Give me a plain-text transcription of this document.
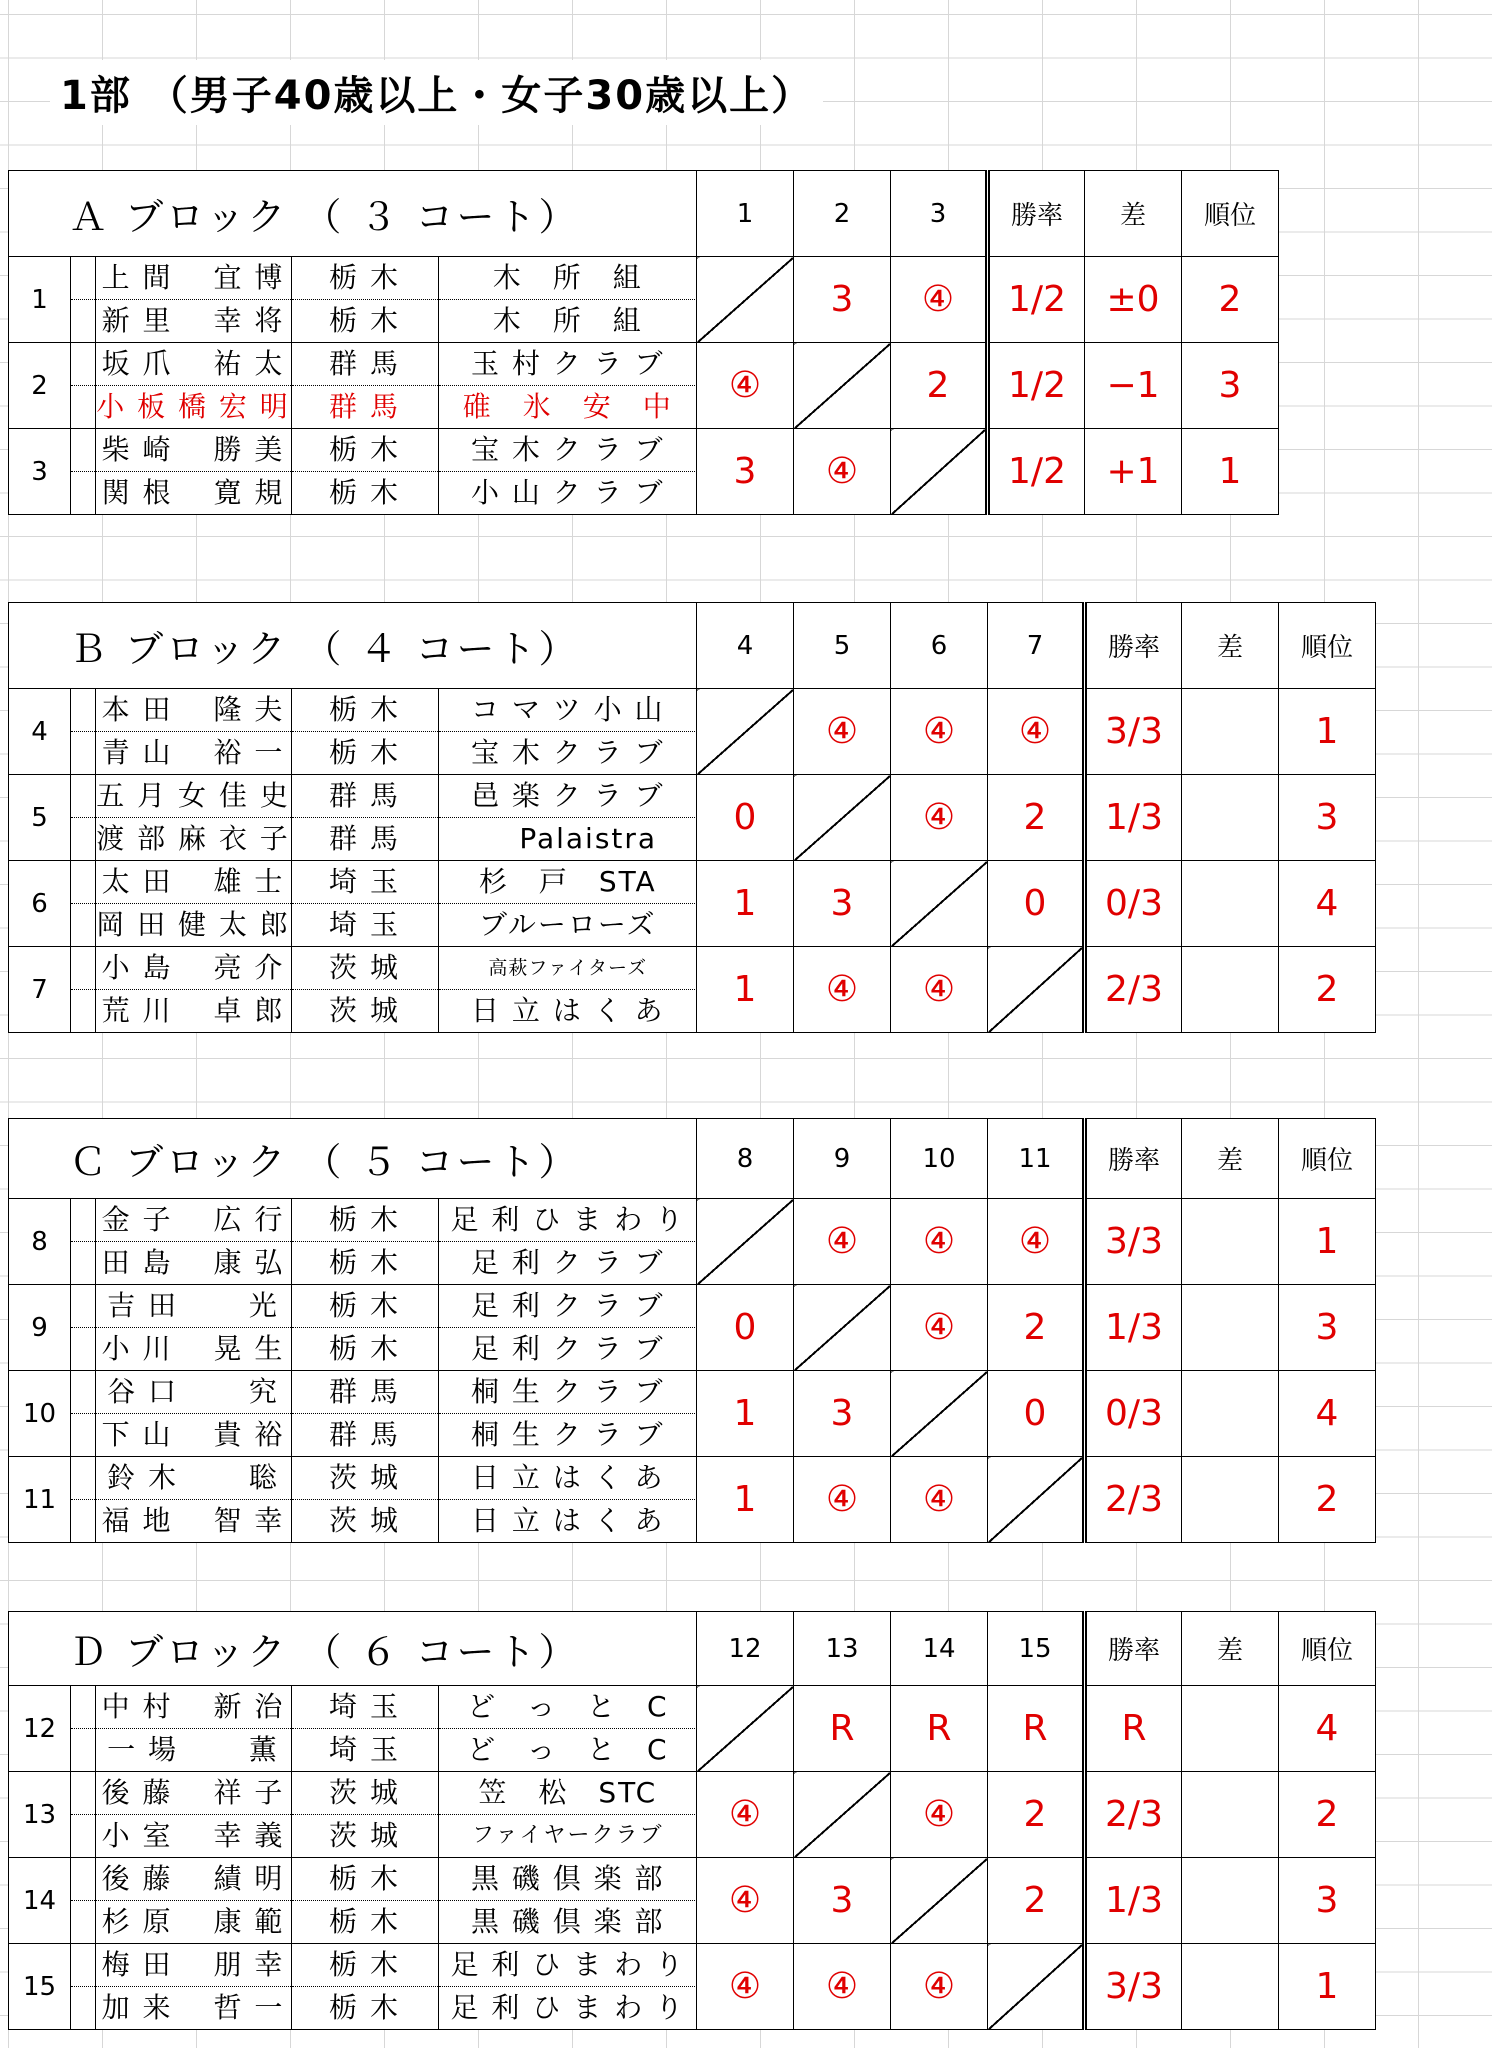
1部 （男子40歳以上・女子30歳以上）
Ａ ブロック （ ３ コート）	1	2	3	勝率	差	順位
1	
	上 間　 宜 博	栃 木	木　所　組
	新 里　 幸 将	栃 木	木　所　組
		3	④	1/2	±0	2
2	
	坂 爪　 祐 太	群 馬	玉 村 ク ラ ブ
	小 板 橋 宏 明	群 馬	碓　氷　安　中
	④		2	1/2	−1	3
3	
	柴 崎　 勝 美	栃 木	宝 木 ク ラ ブ
	関 根　 寛 規	栃 木	小 山 ク ラ ブ
	3	④		1/2	+1	1
Ｂ ブロック （ ４ コート）	4	5	6	7	勝率	差	順位
4	
	本 田　 隆 夫	栃 木	コ マ ツ 小 山
	青 山　 裕 一	栃 木	宝 木 ク ラ ブ
		④	④	④	3/3		1
5	
	五 月 女 佳 史	群 馬	邑 楽 ク ラ ブ
	渡 部 麻 衣 子	群 馬	　 Palaistra
	0		④	2	1/3		3
6	
	太 田　 雄 士	埼 玉	杉　戸　STA
	岡 田 健 太 郎	埼 玉	ブルーローズ
	1	3		0	0/3		4
7	
	小 島　 亮 介	茨 城	高萩ファイターズ
	荒 川　 卓 郎	茨 城	日 立 は く あ
	1	④	④		2/3		2
Ｃ ブロック （ ５ コート）	8	9	10	11	勝率	差	順位
8	
	金 子　 広 行	栃 木	足 利 ひ ま わ り
	田 島　 康 弘	栃 木	足 利 ク ラ ブ
		④	④	④	3/3		1
9	
	吉 田　　 光	栃 木	足 利 ク ラ ブ
	小 川　 晃 生	栃 木	足 利 ク ラ ブ
	0		④	2	1/3		3
10	
	谷 口　　 究	群 馬	桐 生 ク ラ ブ
	下 山　 貴 裕	群 馬	桐 生 ク ラ ブ
	1	3		0	0/3		4
11	
	鈴 木　　 聡	茨 城	日 立 は く あ
	福 地　 智 幸	茨 城	日 立 は く あ
	1	④	④		2/3		2
Ｄ ブロック （ ６ コート）	12	13	14	15	勝率	差	順位
12	
	中 村　 新 治	埼 玉	ど　っ　と　C
	一 場　　 薫	埼 玉	ど　っ　と　C
		R	R	R	R		4
13	
	後 藤　 祥 子	茨 城	笠　松　STC
	小 室　 幸 義	茨 城	ファイヤークラブ
	④		④	2	2/3		2
14	
	後 藤　 績 明	栃 木	黒 磯 倶 楽 部
	杉 原　 康 範	栃 木	黒 磯 倶 楽 部
	④	3		2	1/3		3
15	
	梅 田　 朋 幸	栃 木	足 利 ひ ま わ り
	加 来　 哲 一	栃 木	足 利 ひ ま わ り
	④	④	④		3/3		1
